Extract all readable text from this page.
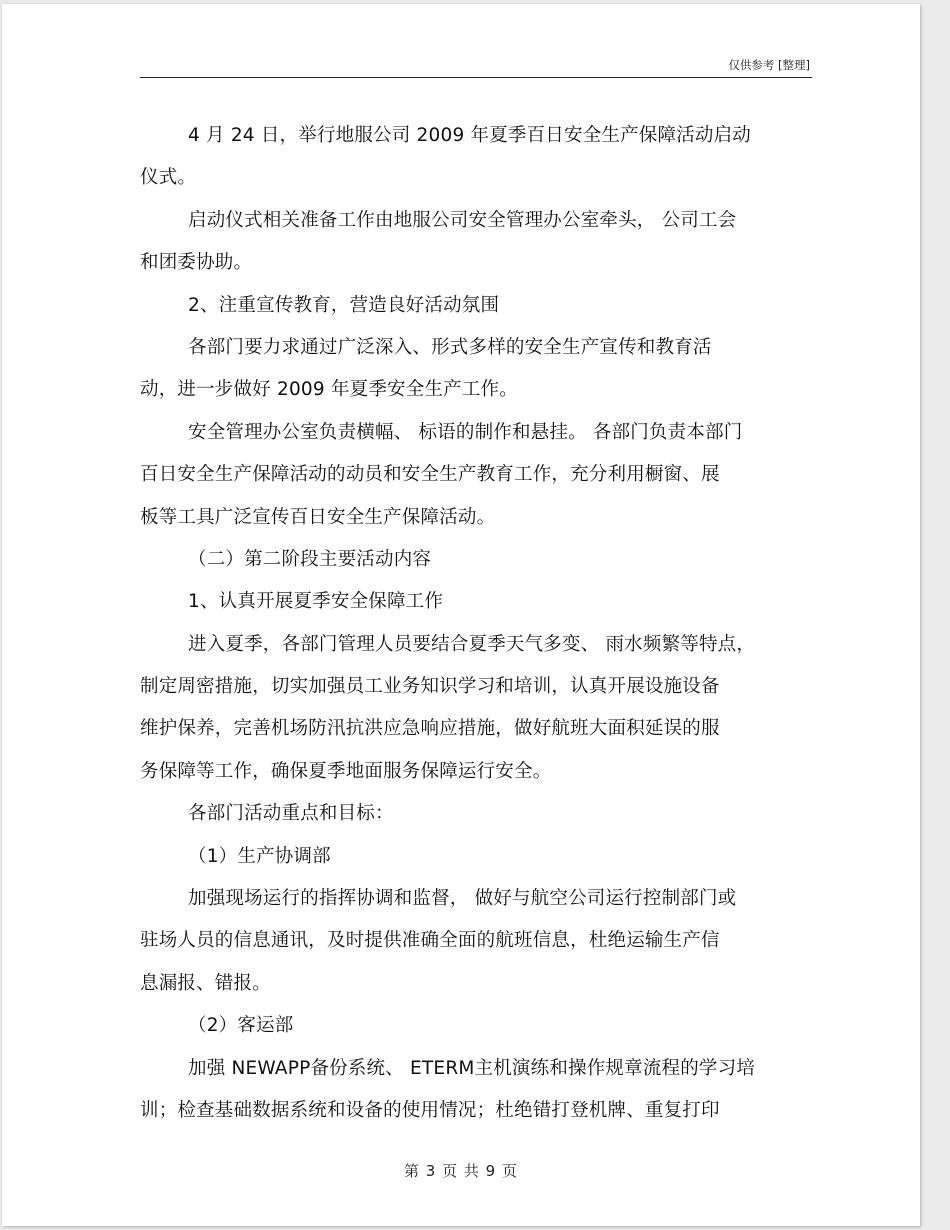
仅供参考 [整理]
4 月 24 日，举行地服公司 2009 年夏季百日安全生产保障活动启动
仪式。
启动仪式相关准备工作由地服公司安全管理办公室牵头， 公司工会
和团委协助。
2、注重宣传教育，营造良好活动氛围
各部门要力求通过广泛深入、形式多样的安全生产宣传和教育活
动，进一步做好 2009 年夏季安全生产工作。
安全管理办公室负责横幅、 标语的制作和悬挂。 各部门负责本部门
百日安全生产保障活动的动员和安全生产教育工作，充分利用橱窗、展
板等工具广泛宣传百日安全生产保障活动。
（二）第二阶段主要活动内容
1、认真开展夏季安全保障工作
进入夏季，各部门管理人员要结合夏季天气多变、 雨水频繁等特点，
制定周密措施，切实加强员工业务知识学习和培训，认真开展设施设备
维护保养，完善机场防汛抗洪应急响应措施，做好航班大面积延误的服
务保障等工作，确保夏季地面服务保障运行安全。
各部门活动重点和目标：
（1）生产协调部
加强现场运行的指挥协调和监督， 做好与航空公司运行控制部门或
驻场人员的信息通讯，及时提供准确全面的航班信息，杜绝运输生产信
息漏报、错报。
（2）客运部
加强 NEWAPP备份系统、 ETERM主机演练和操作规章流程的学习培
训；检查基础数据系统和设备的使用情况；杜绝错打登机牌、重复打印
第 3 页 共 9 页
